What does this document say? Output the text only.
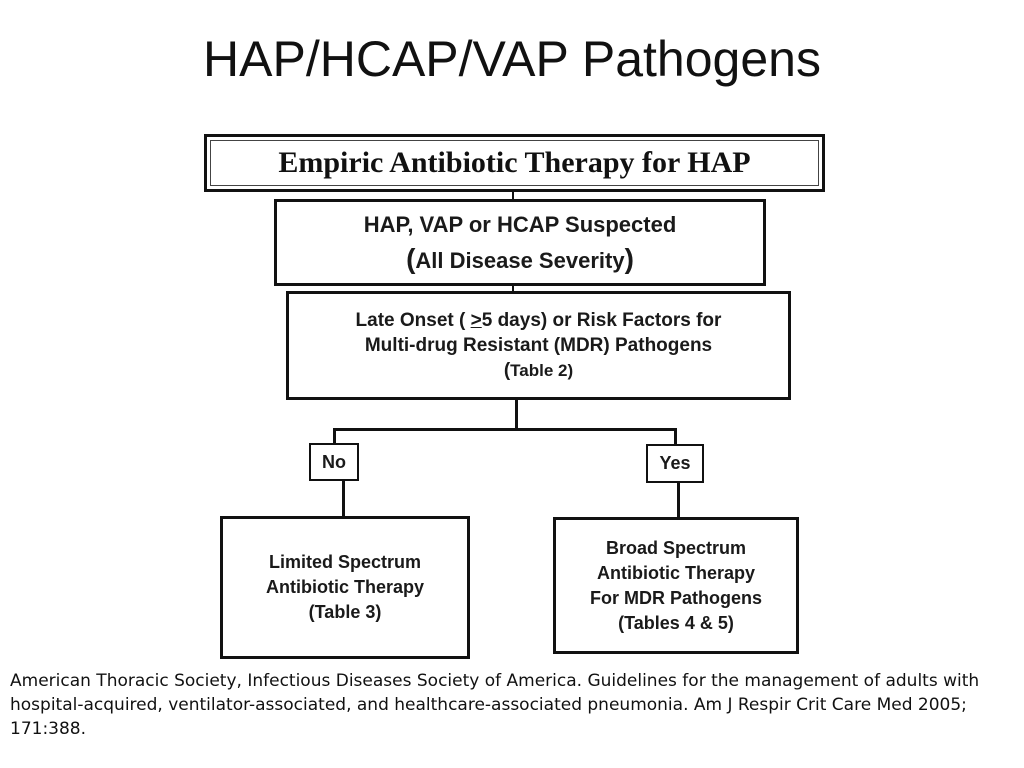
HAP/HCAP/VAP Pathogens
Empiric Antibiotic Therapy for HAP
HAP, VAP or HCAP Suspected
(All Disease Severity)
Late Onset ( ≥5 days) or Risk Factors for
Multi-drug Resistant (MDR) Pathogens
(Table 2)
No	Yes
Limited Spectrum
Antibiotic Therapy
(Table 3)
Broad Spectrum
Antibiotic Therapy
For MDR Pathogens
(Tables 4 & 5)
American Thoracic Society, Infectious Diseases Society of America. Guidelines for the management of adults with hospital-acquired, ventilator-associated, and healthcare-associated pneumonia. Am J Respir Crit Care Med 2005; 171:388.
